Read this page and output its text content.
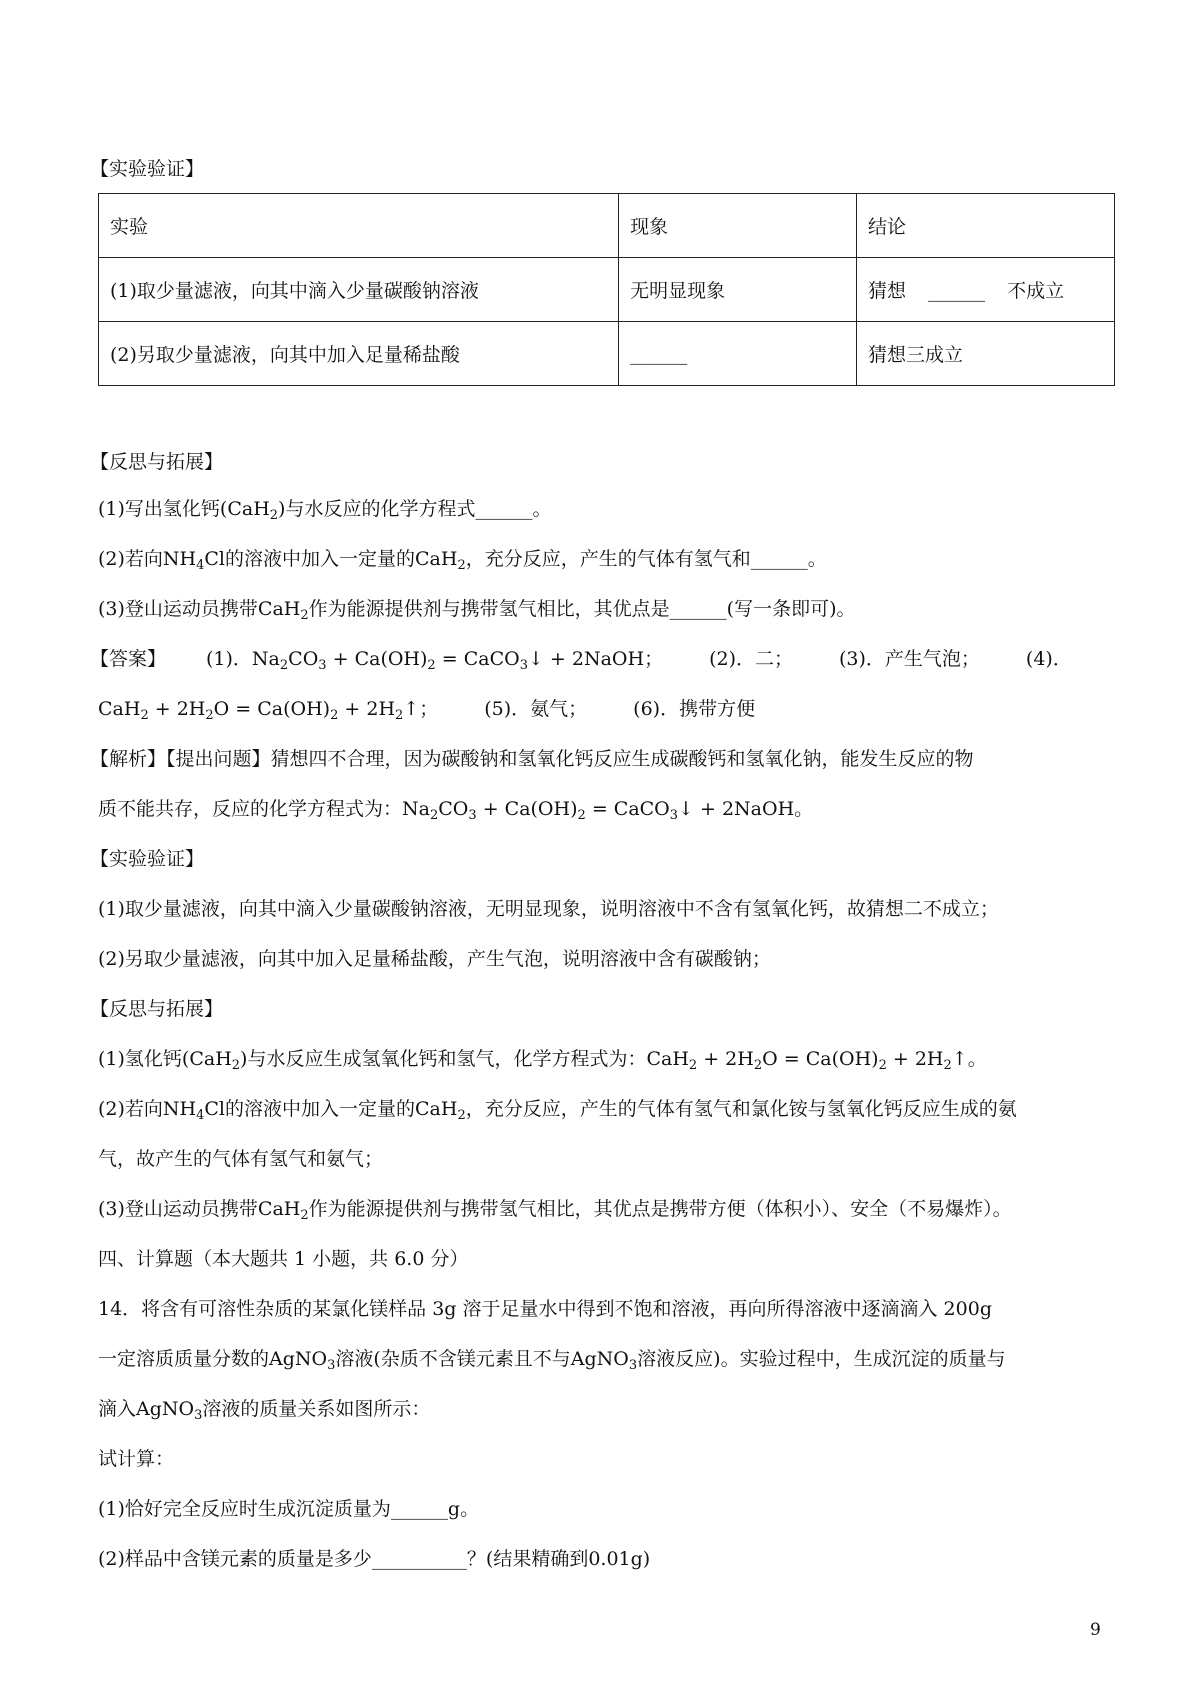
【实验验证】
实验	现象	结论
(1)取少量滤液，向其中滴入少量碳酸钠溶液	无明显现象	猜想 ______ 不成立
(2)另取少量滤液，向其中加入足量稀盐酸	______	猜想三成立
【反思与拓展】
(1)写出氢化钙(CaH$_2$)与水反应的化学方程式______。
(2)若向$NH_4Cl$的溶液中加入一定量的CaH$_2$，充分反应，产生的气体有氢气和______。
(3)登山运动员携带CaH$_2$作为能源提供剂与携带氢气相比，其优点是______(写一条即可)。
【答案】 (1)．$Na_2CO_3 + Ca(OH)_2$ = CaCO$_3$↓ + 2NaOH； (2)．二； (3)．产生气泡； (4)．
$CaH_2 + 2H_2O = Ca(OH)_2$ + $2H_2↑$； (5)．氨气； (6)．携带方便
【解析】【提出问题】猜想四不合理，因为碳酸钠和氢氧化钙反应生成碳酸钙和氢氧化钠，能发生反应的物
质不能共存，反应的化学方程式为：$Na_2CO_3 + Ca(OH)_2$ = CaCO$_3$↓ + 2NaOH。
【实验验证】
(1)取少量滤液，向其中滴入少量碳酸钠溶液，无明显现象，说明溶液中不含有氢氧化钙，故猜想二不成立；
(2)另取少量滤液，向其中加入足量稀盐酸，产生气泡，说明溶液中含有碳酸钠；
【反思与拓展】
(1)氢化钙(CaH$_2$)与水反应生成氢氧化钙和氢气，化学方程式为：$CaH_2 + 2H_2O = Ca(OH)_2$ + $2H_2↑$。
(2)若向$NH_4Cl$的溶液中加入一定量的CaH$_2$，充分反应，产生的气体有氢气和氯化铵与氢氧化钙反应生成的氨
气，故产生的气体有氢气和氨气；
(3)登山运动员携带CaH$_2$作为能源提供剂与携带氢气相比，其优点是携带方便（体积小）、安全（不易爆炸）。
四、计算题（本大题共 1 小题，共 6.0 分）
14．将含有可溶性杂质的某氯化镁样品 3g 溶于足量水中得到不饱和溶液，再向所得溶液中逐滴滴入 200g
一定溶质质量分数的AgNO$_3$溶液(杂质不含镁元素且不与AgNO$_3$溶液反应)。实验过程中，生成沉淀的质量与
滴入AgNO$_3$溶液的质量关系如图所示：
试计算：
(1)恰好完全反应时生成沉淀质量为______g。
(2)样品中含镁元素的质量是多少__________？(结果精确到0.01g)
9
